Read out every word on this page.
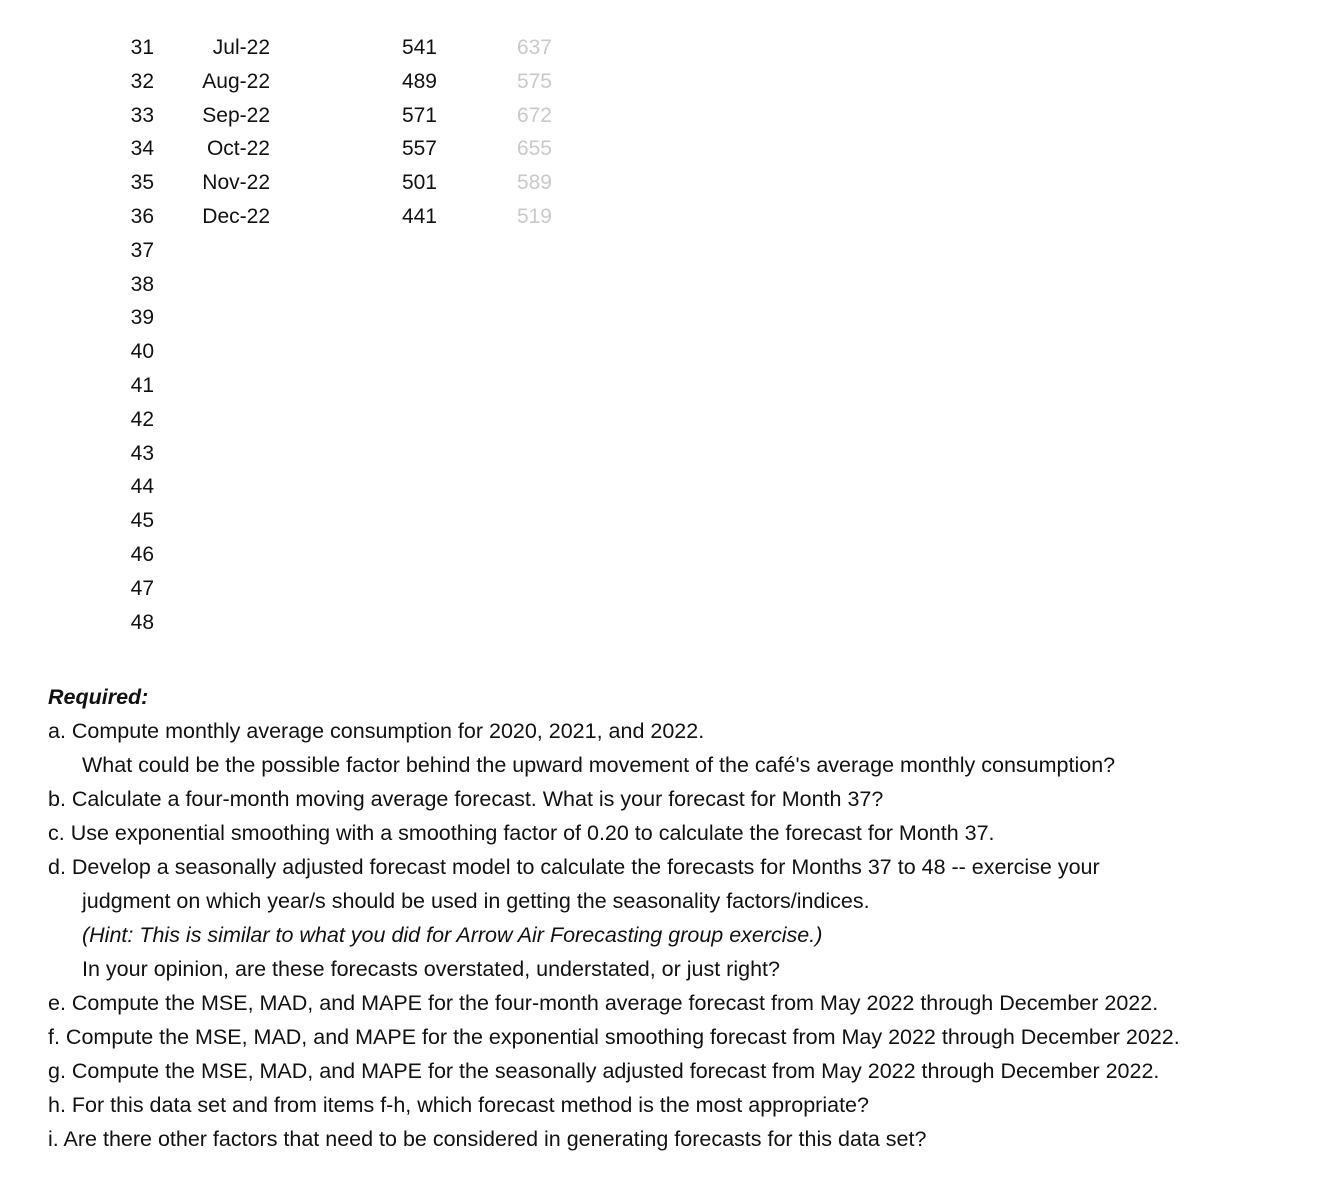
31	Jul-22	541	637
32	Aug-22	489	575
33	Sep-22	571	672
34	Oct-22	557	655
35	Nov-22	501	589
36	Dec-22	441	519
37
38
39
40
41
42
43
44
45
46
47
48
Required:
a. Compute monthly average consumption for 2020, 2021, and 2022.
What could be the possible factor behind the upward movement of the café's average monthly consumption?
b. Calculate a four-month moving average forecast. What is your forecast for Month 37?
c. Use exponential smoothing with a smoothing factor of 0.20 to calculate the forecast for Month 37.
d. Develop a seasonally adjusted forecast model to calculate the forecasts for Months 37 to 48 -- exercise your
judgment on which year/s should be used in getting the seasonality factors/indices.
(Hint: This is similar to what you did for Arrow Air Forecasting group exercise.)
In your opinion, are these forecasts overstated, understated, or just right?
e. Compute the MSE, MAD, and MAPE for the four-month average forecast from May 2022 through December 2022.
f. Compute the MSE, MAD, and MAPE for the exponential smoothing forecast from May 2022 through December 2022.
g. Compute the MSE, MAD, and MAPE for the seasonally adjusted forecast from May 2022 through December 2022.
h. For this data set and from items f-h, which forecast method is the most appropriate?
i. Are there other factors that need to be considered in generating forecasts for this data set?
